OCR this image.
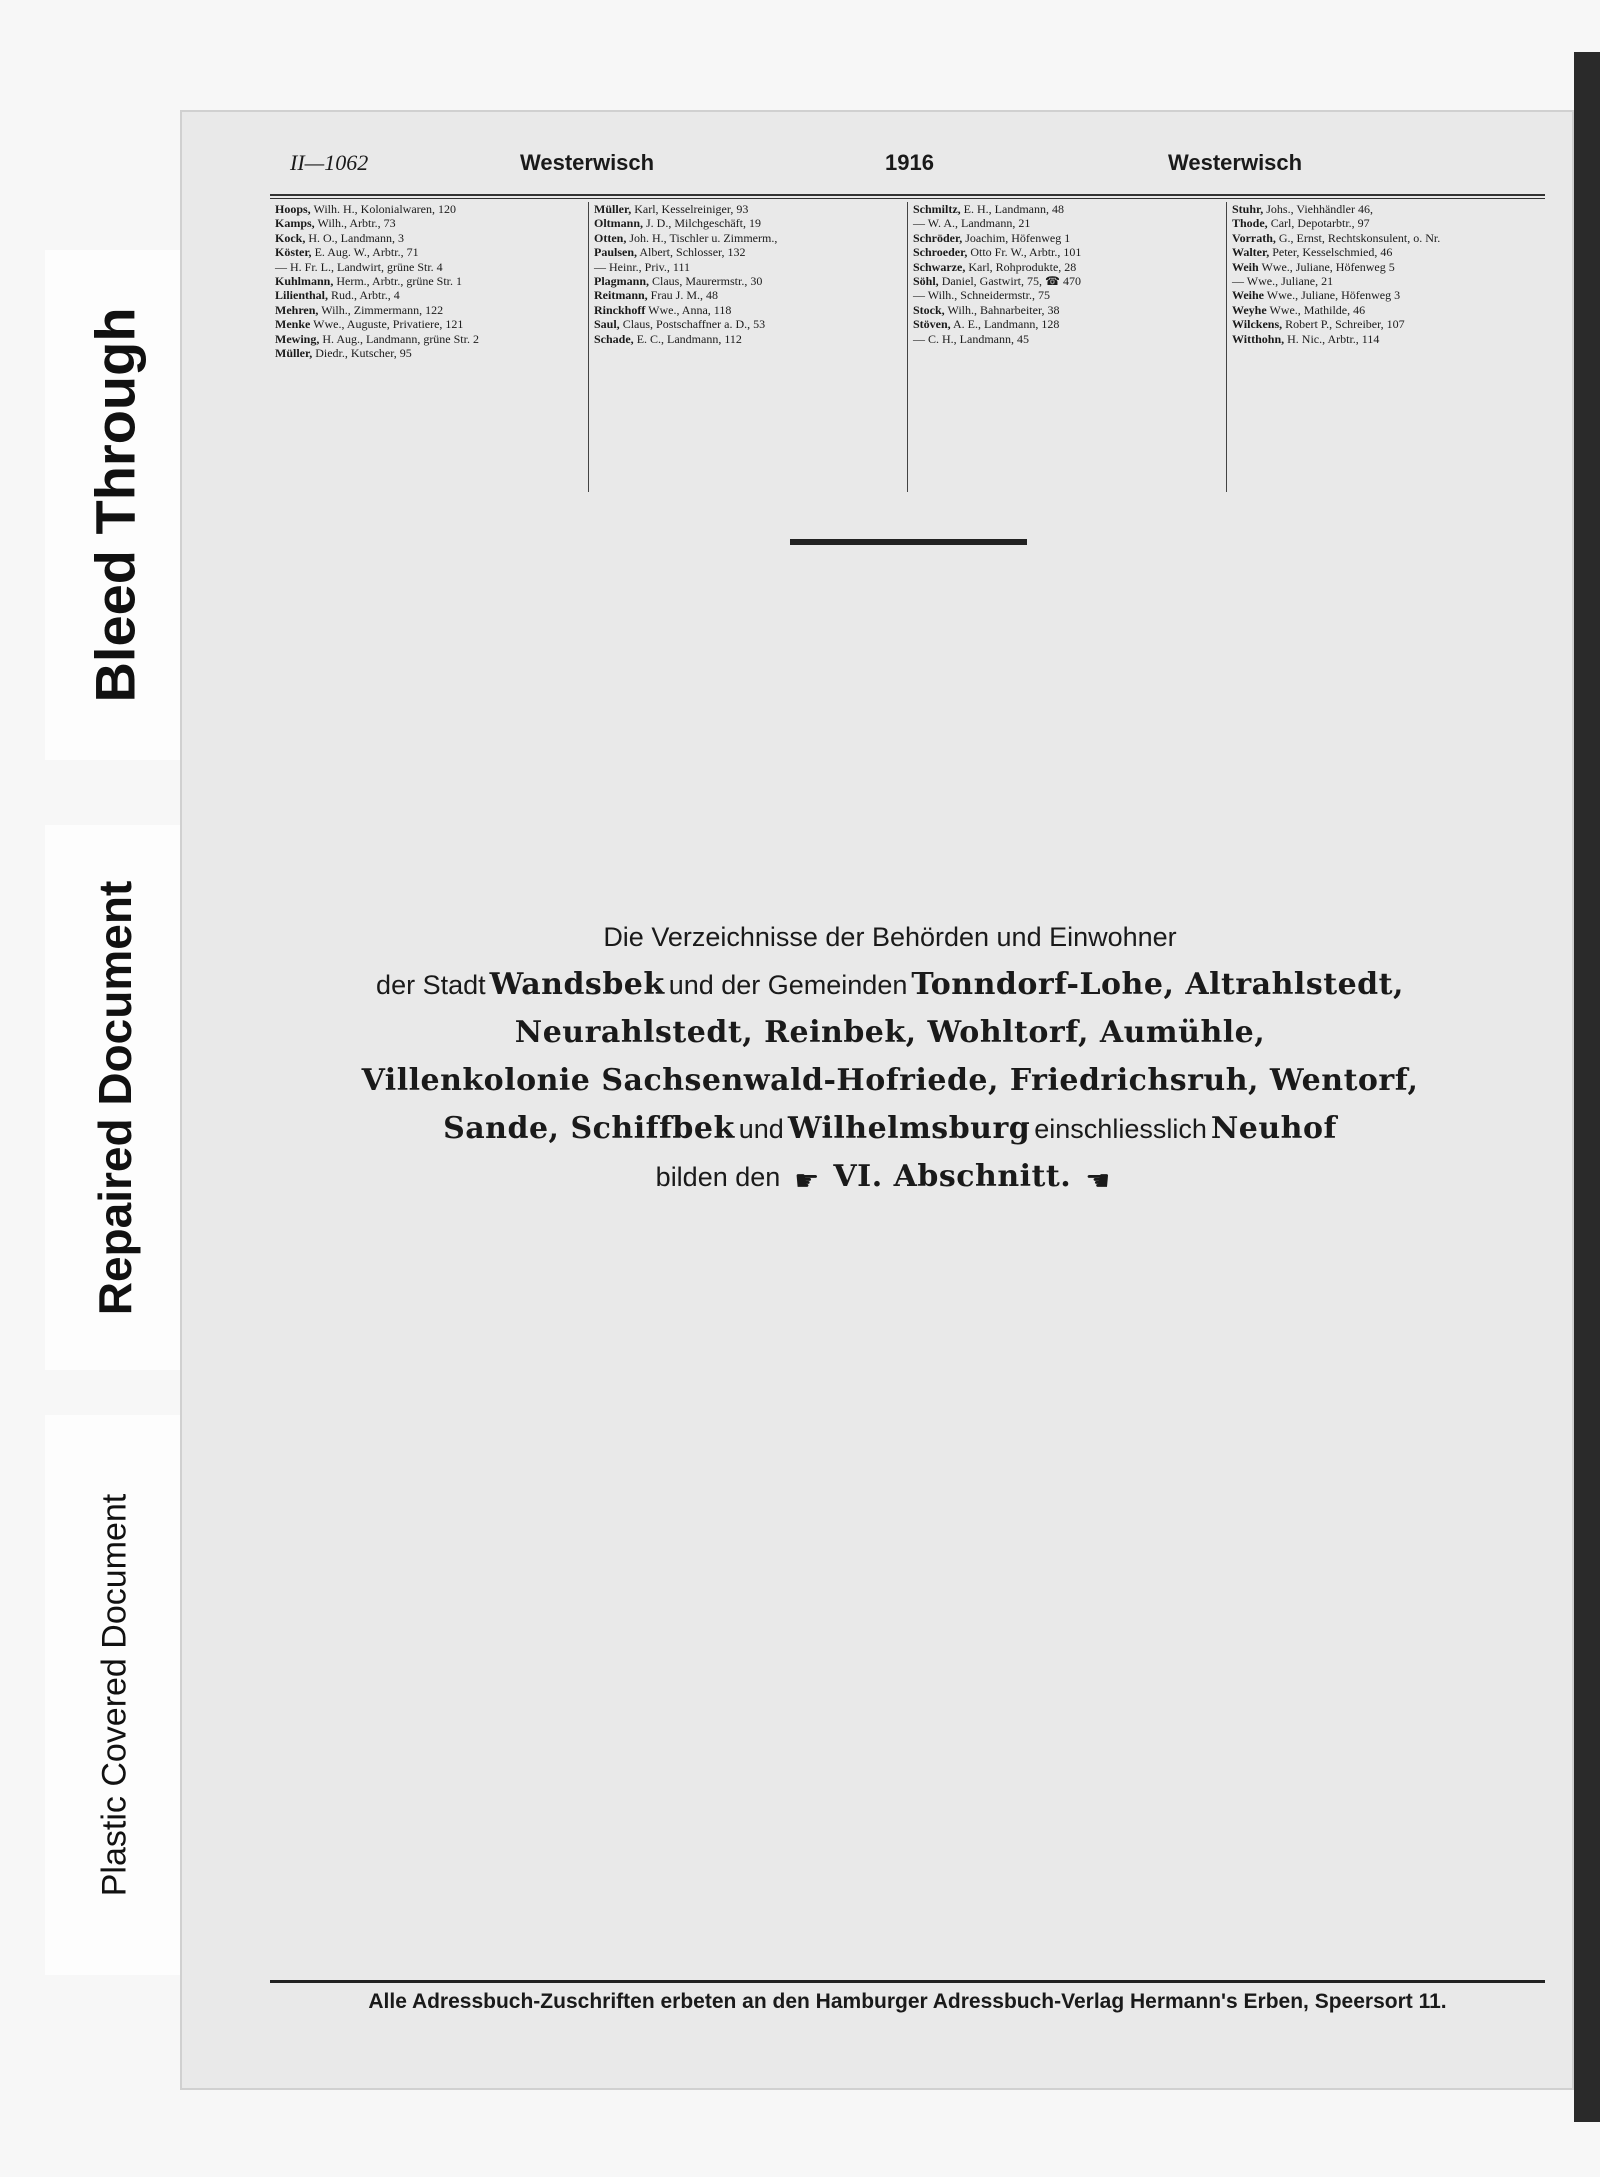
Bleed Through
Repaired Document
Plastic Covered Document
II—1062	Westerwisch	1916	Westerwisch
Hoops, Wilh. H., Kolonialwaren, 120
Kamps, Wilh., Arbtr., 73
Kock, H. O., Landmann, 3
Köster, E. Aug. W., Arbtr., 71
— H. Fr. L., Landwirt, grüne Str. 4
Kuhlmann, Herm., Arbtr., grüne Str. 1
Lilienthal, Rud., Arbtr., 4
Mehren, Wilh., Zimmermann, 122
Menke Wwe., Auguste, Privatiere, 121
Mewing, H. Aug., Landmann, grüne Str. 2
Müller, Diedr., Kutscher, 95
Müller, Karl, Kesselreiniger, 93
Oltmann, J. D., Milchgeschäft, 19
Otten, Joh. H., Tischler u. Zimmerm.,
Paulsen, Albert, Schlosser, 132
— Heinr., Priv., 111
Plagmann, Claus, Maurermstr., 30
Reitmann, Frau J. M., 48
Rinckhoff Wwe., Anna, 118
Saul, Claus, Postschaffner a. D., 53
Schade, E. C., Landmann, 112
Schmiltz, E. H., Landmann, 48
— W. A., Landmann, 21
Schröder, Joachim, Höfenweg 1
Schroeder, Otto Fr. W., Arbtr., 101
Schwarze, Karl, Rohprodukte, 28
Söhl, Daniel, Gastwirt, 75, ☎ 470
— Wilh., Schneidermstr., 75
Stock, Wilh., Bahnarbeiter, 38
Stöven, A. E., Landmann, 128
— C. H., Landmann, 45
Stuhr, Johs., Viehhändler 46,
Thode, Carl, Depotarbtr., 97
Vorrath, G., Ernst, Rechtskonsulent, o. Nr.
Walter, Peter, Kesselschmied, 46
Weih Wwe., Juliane, Höfenweg 5
— Wwe., Juliane, 21
Weihe Wwe., Juliane, Höfenweg 3
Weyhe Wwe., Mathilde, 46
Wilckens, Robert P., Schreiber, 107
Witthohn, H. Nic., Arbtr., 114
Die Verzeichnisse der Behörden und Einwohner
der Stadt Wandsbek und der Gemeinden Tonndorf-Lohe, Altrahlstedt,
Neurahlstedt, Reinbek, Wohltorf, Aumühle,
Villenkolonie Sachsenwald-Hofriede, Friedrichsruh, Wentorf,
Sande, Schiffbek und Wilhelmsburg einschliesslich Neuhof
bilden den ☛ VI. Abschnitt. ☚
Alle Adressbuch-Zuschriften erbeten an den Hamburger Adressbuch-Verlag Hermann's Erben, Speersort 11.
